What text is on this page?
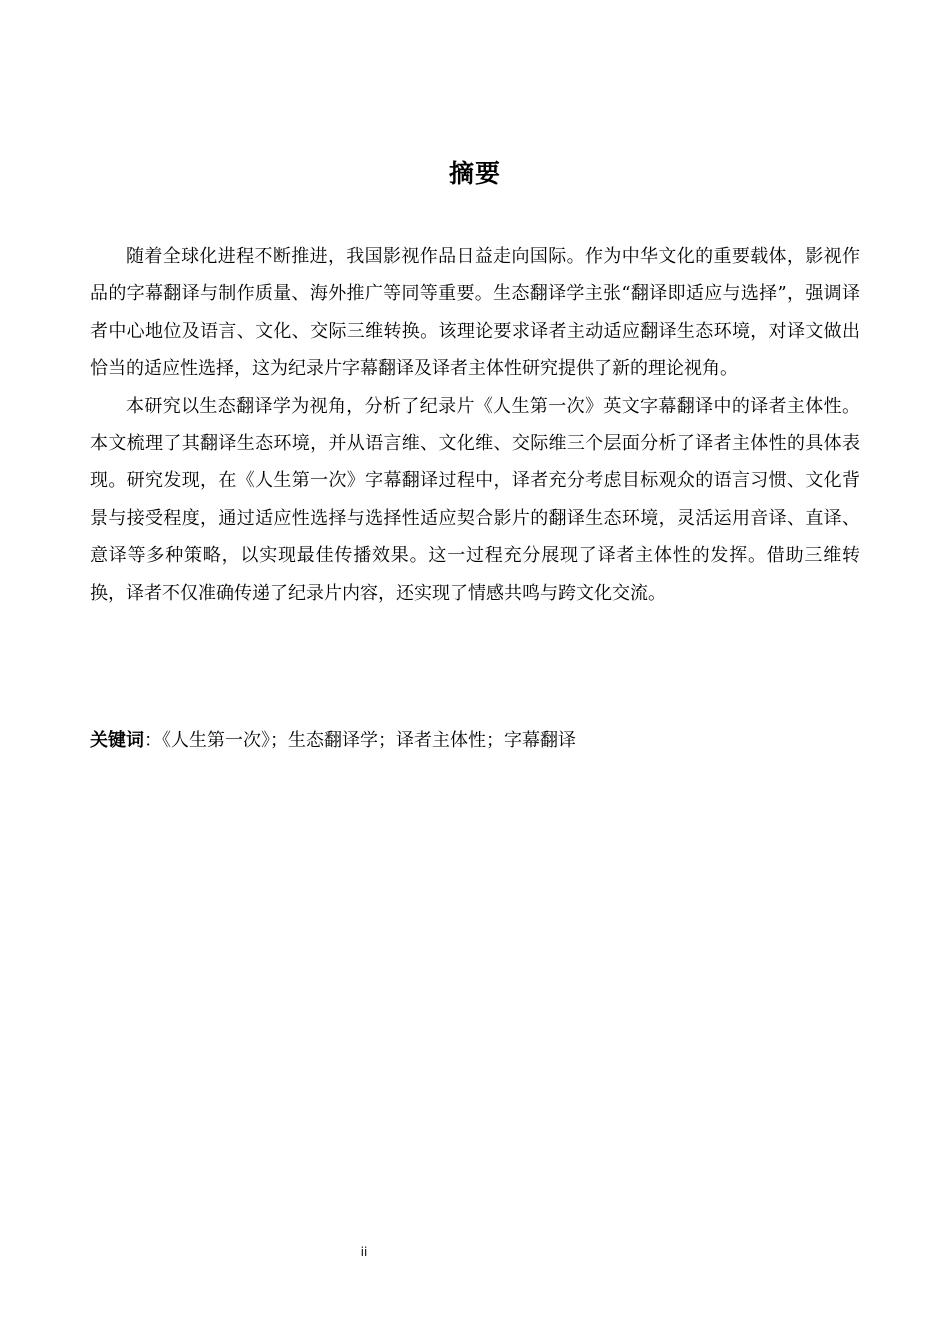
摘要

随着全球化进程不断推进，我国影视作品日益走向国际。作为中华文化的重要载体，影视作品的字幕翻译与制作质量、海外推广等同等重要。生态翻译学主张“翻译即适应与选择”，强调译者中心地位及语言、文化、交际三维转换。该理论要求译者主动适应翻译生态环境，对译文做出恰当的适应性选择，这为纪录片字幕翻译及译者主体性研究提供了新的理论视角。

本研究以生态翻译学为视角，分析了纪录片《人生第一次》英文字幕翻译中的译者主体性。本文梳理了其翻译生态环境，并从语言维、文化维、交际维三个层面分析了译者主体性的具体表现。研究发现，在《人生第一次》字幕翻译过程中，译者充分考虑目标观众的语言习惯、文化背景与接受程度，通过适应性选择与选择性适应契合影片的翻译生态环境，灵活运用音译、直译、意译等多种策略，以实现最佳传播效果。这一过程充分展现了译者主体性的发挥。借助三维转换，译者不仅准确传递了纪录片内容，还实现了情感共鸣与跨文化交流。

关键词：《人生第一次》；生态翻译学；译者主体性；字幕翻译
ii
